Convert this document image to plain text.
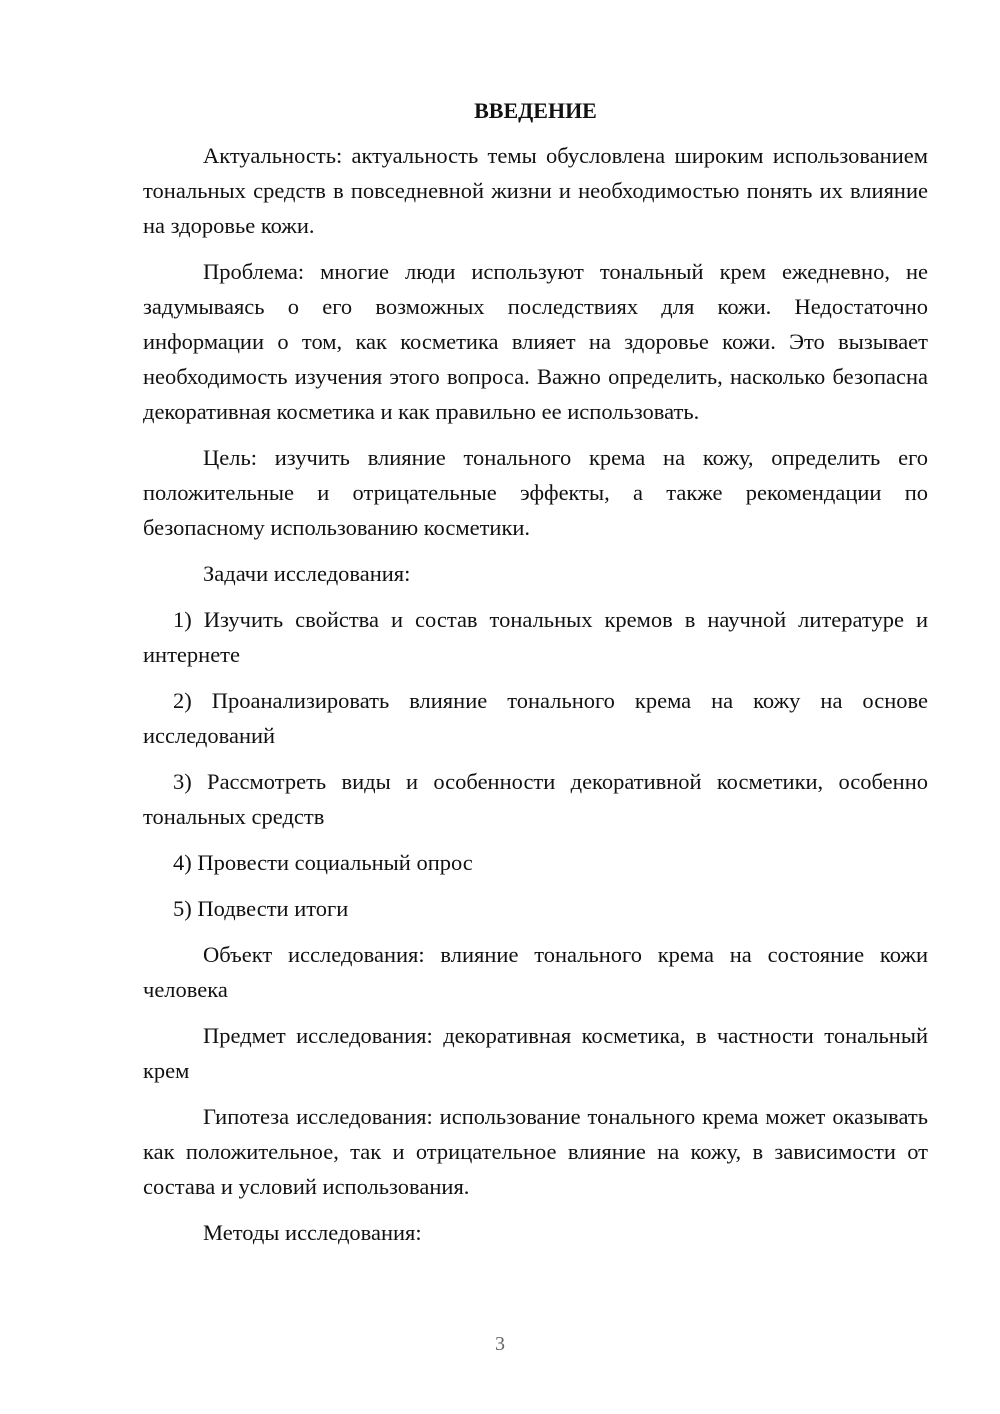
ВВЕДЕНИЕ

Актуальность: актуальность темы обусловлена широким использованием тональных средств в повседневной жизни и необходимостью понять их влияние на здоровье кожи.

Проблема: многие люди используют тональный крем ежедневно, не задумываясь о его возможных последствиях для кожи. Недостаточно информации о том, как косметика влияет на здоровье кожи. Это вызывает необходимость изучения этого вопроса. Важно определить, насколько безопасна декоративная косметика и как правильно ее использовать.

Цель: изучить влияние тонального крема на кожу, определить его положительные и отрицательные эффекты, а также рекомендации по безопасному использованию косметики.

Задачи исследования:

1) Изучить свойства и состав тональных кремов в научной литературе и интернете

2) Проанализировать влияние тонального крема на кожу на основе исследований

3) Рассмотреть виды и особенности декоративной косметики, особенно тональных средств

4) Провести социальный опрос

5) Подвести итоги

Объект исследования: влияние тонального крема на состояние кожи человека

Предмет исследования: декоративная косметика, в частности тональный крем

Гипотеза исследования: использование тонального крема может оказывать как положительное, так и отрицательное влияние на кожу, в зависимости от состава и условий использования.

Методы исследования:

3
